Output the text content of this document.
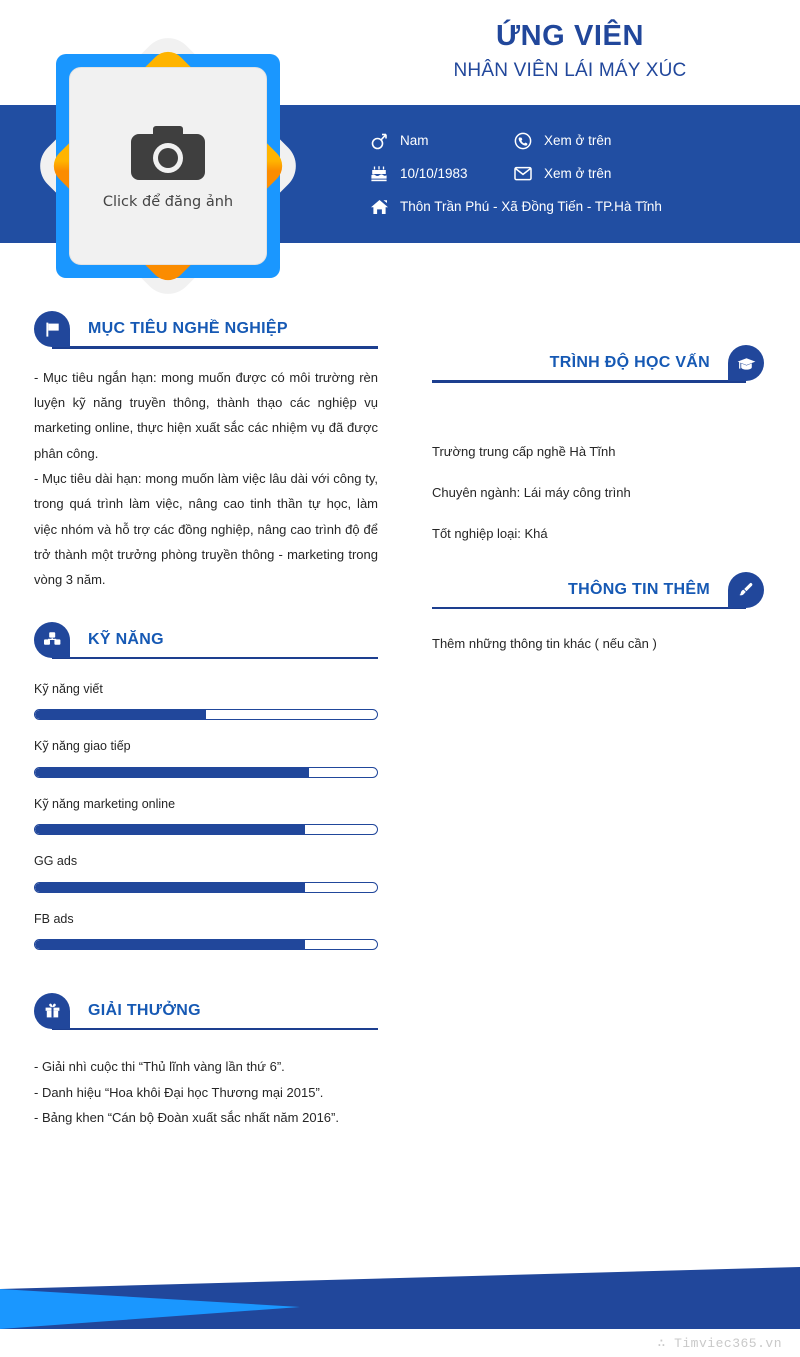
Click để đăng ảnh
ỨNG VIÊN
NHÂN VIÊN LÁI MÁY XÚC
Nam	Xem ở trên
10/10/1983	Xem ở trên
Thôn Trần Phú - Xã Đồng Tiến - TP.Hà Tĩnh
MỤC TIÊU NGHỀ NGHIỆP
- Mục tiêu ngắn hạn: mong muốn được có môi trường rèn luyện kỹ năng truyền thông, thành thạo các nghiệp vụ marketing online, thực hiện xuất sắc các nhiệm vụ đã được phân công.
- Mục tiêu dài hạn: mong muốn làm việc lâu dài với công ty, trong quá trình làm việc, nâng cao tinh thần tự học, làm việc nhóm và hỗ trợ các đồng nghiệp, nâng cao trình độ để trở thành một trưởng phòng truyền thông - marketing trong vòng 3 năm.
KỸ NĂNG
Kỹ năng viết
Kỹ năng giao tiếp
Kỹ năng marketing online
GG ads
FB ads
GIẢI THƯỞNG
- Giải nhì cuộc thi “Thủ lĩnh vàng lần thứ 6”.
- Danh hiệu “Hoa khôi Đại học Thương mại 2015”.
- Bảng khen “Cán bộ Đoàn xuất sắc nhất năm 2016”.
TRÌNH ĐỘ HỌC VẤN
Trường trung cấp nghề Hà Tĩnh
Chuyên ngành: Lái máy công trình
Tốt nghiệp loại: Khá
THÔNG TIN THÊM
Thêm những thông tin khác ( nếu cần )
∴ Timviec365.vn
